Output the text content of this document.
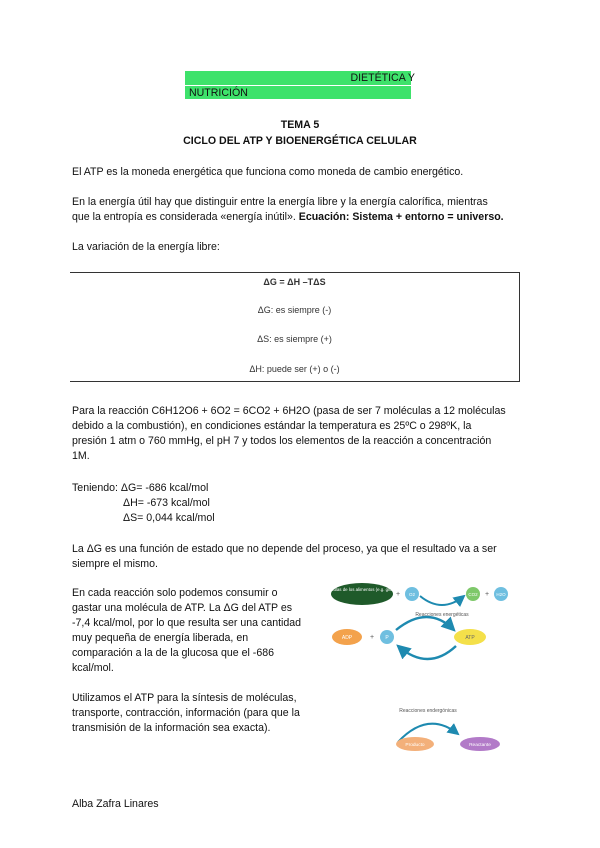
DIETÉTICA Y
NUTRICIÓN
TEMA 5
CICLO DEL ATP Y BIOENERGÉTICA CELULAR
El ATP es la moneda energética que funciona como moneda de cambio energético.
En la energía útil hay que distinguir entre la energía libre y la energía calorífica, mientras
que la entropía es considerada «energía inútil». Ecuación: Sistema + entorno = universo.
La variación de la energía libre:
ΔG = ΔH –TΔS
ΔG: es siempre (-)
ΔS: es siempre (+)
ΔH: puede ser (+) o (-)
Para la reacción C6H12O6 + 6O2 = 6CO2 + 6H2O (pasa de ser 7 moléculas a 12 moléculas
debido a la combustión), en condiciones estándar la temperatura es 25ºC o 298ºK, la
presión 1 atm o 760 mmHg, el pH 7 y todos los elementos de la reacción a concentración
1M.
Teniendo: ΔG= -686 kcal/mol
ΔH= -673 kcal/mol
ΔS= 0,044 kcal/mol
La ΔG es una función de estado que no depende del proceso, ya que el resultado va a ser
siempre el mismo.
En cada reacción solo podemos consumir o
gastar una molécula de ATP. La ΔG del ATP es
-7,4 kcal/mol, por lo que resulta ser una cantidad
muy pequeña de energía liberada, en
comparación a la de la glucosa que el -686
kcal/mol.
Utilizamos el ATP para la síntesis de moléculas,
transporte, contracción, información (para que la
transmisión de la información sea exacta).
Moléculas de los alimentos (e.g. glucosa)
+ O2	CO2 + H2O
Reacciones energéticas
ADP	+ P	ATP
Reacciones endergónicas
Producto	Reactante
Alba Zafra Linares
